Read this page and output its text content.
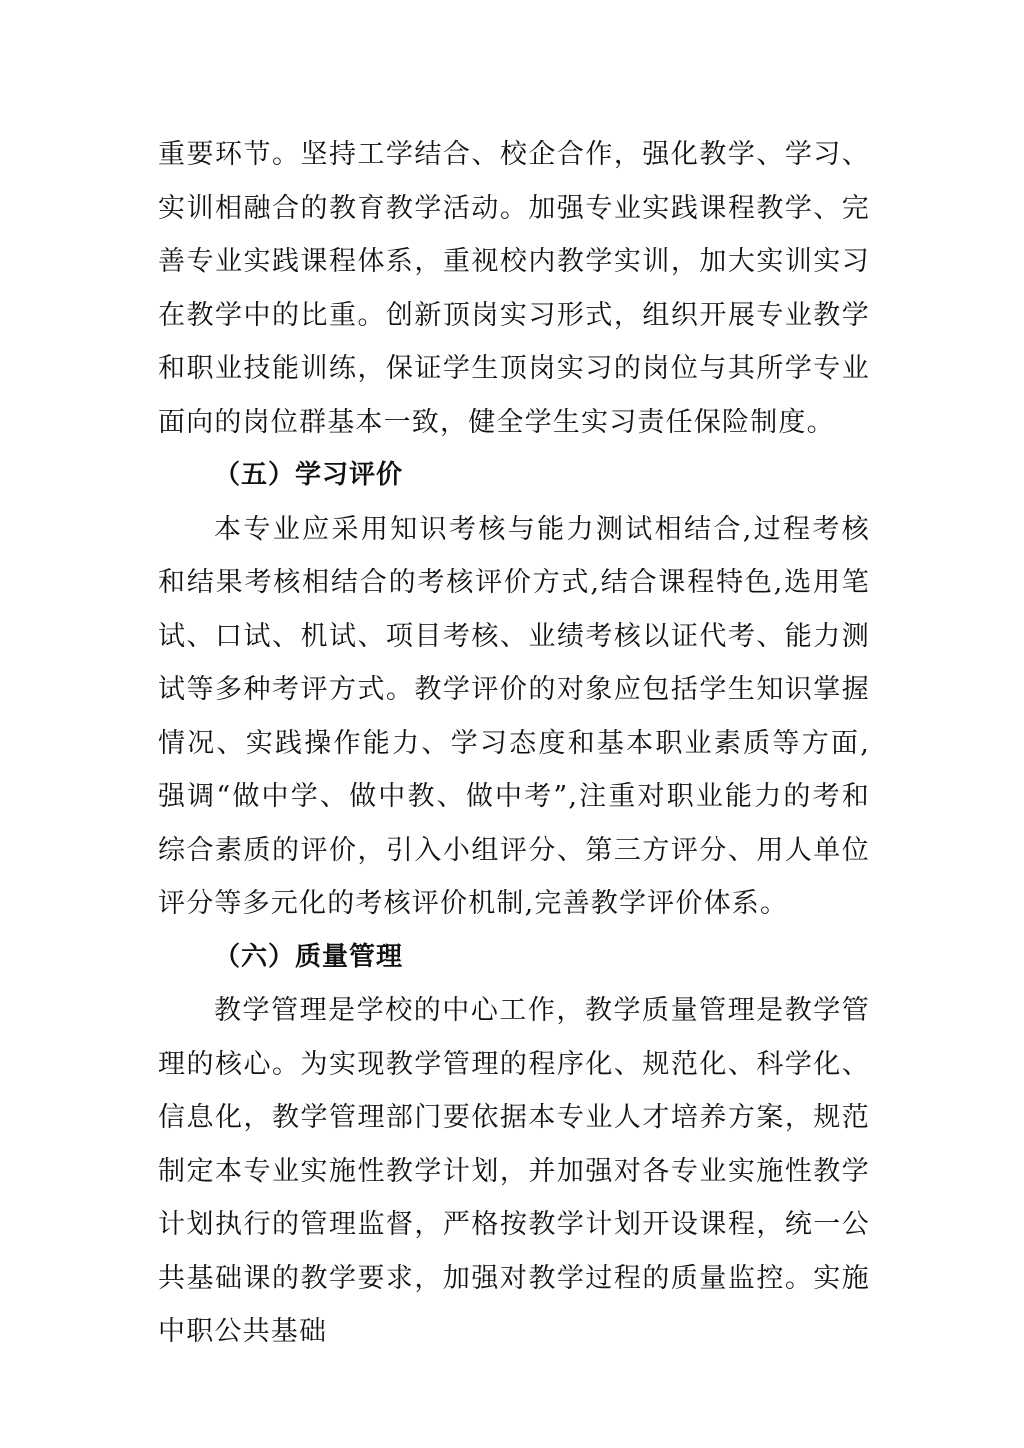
重要环节。坚持工学结合、校企合作，强化教学、学习、实训相融合的教育教学活动。加强专业实践课程教学、完善专业实践课程体系，重视校内教学实训，加大实训实习在教学中的比重。创新顶岗实习形式，组织开展专业教学和职业技能训练，保证学生顶岗实习的岗位与其所学专业面向的岗位群基本一致，健全学生实习责任保险制度。

（五）学习评价

本专业应采用知识考核与能力测试相结合,过程考核和结果考核相结合的考核评价方式,结合课程特色,选用笔试、口试、机试、项目考核、业绩考核以证代考、能力测试等多种考评方式。教学评价的对象应包括学生知识掌握情况、实践操作能力、学习态度和基本职业素质等方面,强调“做中学、做中教、做中考”,注重对职业能力的考和综合素质的评价，引入小组评分、第三方评分、用人单位评分等多元化的考核评价机制,完善教学评价体系。

（六）质量管理

教学管理是学校的中心工作，教学质量管理是教学管理的核心。为实现教学管理的程序化、规范化、科学化、信息化，教学管理部门要依据本专业人才培养方案，规范制定本专业实施性教学计划，并加强对各专业实施性教学计划执行的管理监督，严格按教学计划开设课程，统一公共基础课的教学要求，加强对教学过程的质量监控。实施中职公共基础
